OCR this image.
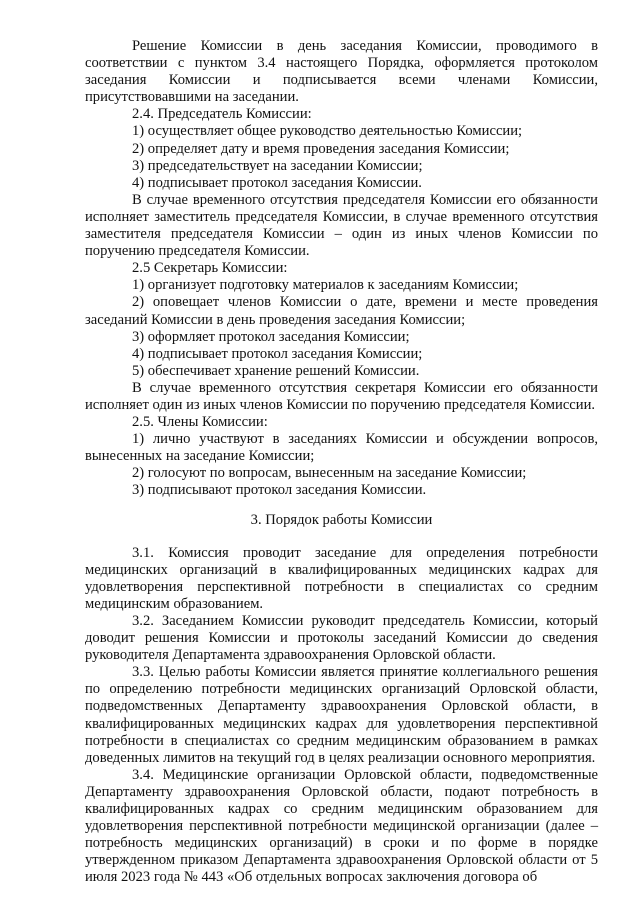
Решение Комиссии в день заседания Комиссии, проводимого в соответствии с пунктом 3.4 настоящего Порядка, оформляется протоколом заседания Комиссии и подписывается всеми членами Комиссии, присутствовавшими на заседании.

2.4. Председатель Комиссии:

1) осуществляет общее руководство деятельностью Комиссии;

2) определяет дату и время проведения заседания Комиссии;

3) председательствует на заседании Комиссии;

4) подписывает протокол заседания Комиссии.

В случае временного отсутствия председателя Комиссии его обязанности исполняет заместитель председателя Комиссии, в случае временного отсутствия заместителя председателя Комиссии – один из иных членов Комиссии по поручению председателя Комиссии.

2.5 Секретарь Комиссии:

1) организует подготовку материалов к заседаниям Комиссии;

2) оповещает членов Комиссии о дате, времени и месте проведения заседаний Комиссии в день проведения заседания Комиссии;

3) оформляет протокол заседания Комиссии;

4) подписывает протокол заседания Комиссии;

5) обеспечивает хранение решений Комиссии.

В случае временного отсутствия секретаря Комиссии его обязанности исполняет один из иных членов Комиссии по поручению председателя Комиссии.

2.5. Члены Комиссии:

1) лично участвуют в заседаниях Комиссии и обсуждении вопросов, вынесенных на заседание Комиссии;

2) голосуют по вопросам, вынесенным на заседание Комиссии;

3) подписывают протокол заседания Комиссии.

3. Порядок работы Комиссии

3.1. Комиссия проводит заседание для определения потребности медицинских организаций в квалифицированных медицинских кадрах для удовлетворения перспективной потребности в специалистах со средним медицинским образованием.

3.2. Заседанием Комиссии руководит председатель Комиссии, который доводит решения Комиссии и протоколы заседаний Комиссии до сведения руководителя Департамента здравоохранения Орловской области.

3.3. Целью работы Комиссии является принятие коллегиального решения по определению потребности медицинских организаций Орловской области, подведомственных Департаменту здравоохранения Орловской области, в квалифицированных медицинских кадрах для удовлетворения перспективной потребности в специалистах со средним медицинским образованием в рамках доведенных лимитов на текущий год в целях реализации основного мероприятия.

3.4. Медицинские организации Орловской области, подведомственные Департаменту здравоохранения Орловской области, подают потребность в квалифицированных кадрах со средним медицинским образованием для удовлетворения перспективной потребности медицинской организации (далее – потребность медицинских организаций) в сроки и по форме в порядке утвержденном приказом Департамента здравоохранения Орловской области от 5 июля 2023 года № 443 «Об отдельных вопросах заключения договора об
